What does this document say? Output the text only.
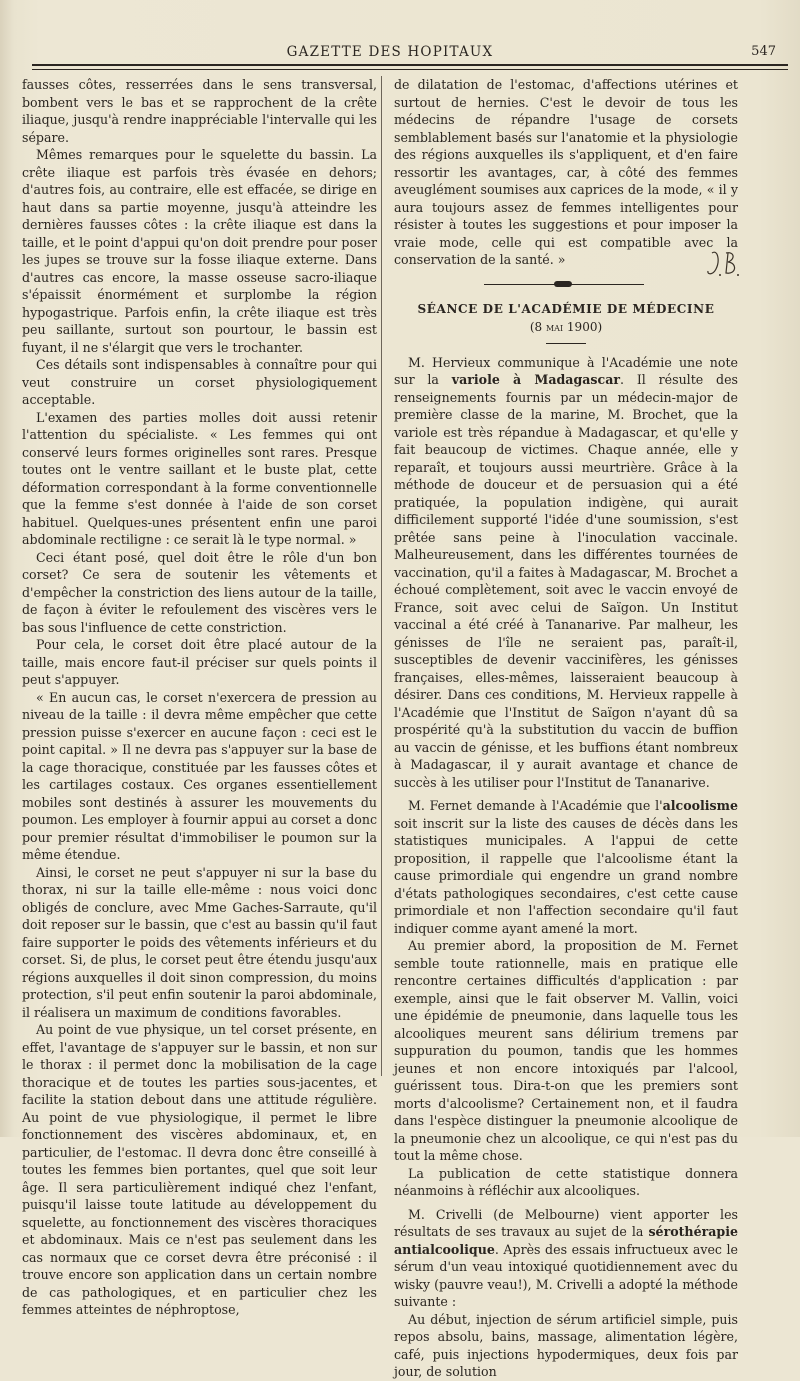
GAZETTE DES HOPITAUX	547

fausses côtes, resserrées dans le sens transversal, bombent vers le bas et se rapprochent de la crête iliaque, jusqu'à rendre inappréciable l'intervalle qui les sépare.

Mêmes remarques pour le squelette du bassin. La crête iliaque est parfois très évasée en dehors; d'autres fois, au contraire, elle est effacée, se dirige en haut dans sa partie moyenne, jusqu'à atteindre les dernières fausses côtes : la crête iliaque est dans la taille, et le point d'appui qu'on doit prendre pour poser les jupes se trouve sur la fosse iliaque externe. Dans d'autres cas encore, la masse osseuse sacro-iliaque s'épaissit énormément et surplombe la région hypogastrique. Parfois enfin, la crête iliaque est très peu saillante, surtout son pourtour, le bassin est fuyant, il ne s'élargit que vers le trochanter.

Ces détails sont indispensables à connaître pour qui veut construire un corset physiologiquement acceptable.

L'examen des parties molles doit aussi retenir l'attention du spécialiste. « Les femmes qui ont conservé leurs formes originelles sont rares. Presque toutes ont le ventre saillant et le buste plat, cette déformation correspondant à la forme conventionnelle que la femme s'est donnée à l'aide de son corset habituel. Quelques-unes présentent enfin une paroi abdominale rectiligne : ce serait là le type normal. »

Ceci étant posé, quel doit être le rôle d'un bon corset? Ce sera de soutenir les vêtements et d'empêcher la constriction des liens autour de la taille, de façon à éviter le refoulement des viscères vers le bas sous l'influence de cette constriction.

Pour cela, le corset doit être placé autour de la taille, mais encore faut-il préciser sur quels points il peut s'appuyer.

« En aucun cas, le corset n'exercera de pression au niveau de la taille : il devra même empêcher que cette pression puisse s'exercer en aucune façon : ceci est le point capital. » Il ne devra pas s'appuyer sur la base de la cage thoracique, constituée par les fausses côtes et les cartilages costaux. Ces organes essentiellement mobiles sont destinés à assurer les mouvements du poumon. Les employer à fournir appui au corset a donc pour premier résultat d'immobiliser le poumon sur la même étendue.

Ainsi, le corset ne peut s'appuyer ni sur la base du thorax, ni sur la taille elle-même : nous voici donc obligés de conclure, avec Mme Gaches-Sarraute, qu'il doit reposer sur le bassin, que c'est au bassin qu'il faut faire supporter le poids des vêtements inférieurs et du corset. Si, de plus, le corset peut être étendu jusqu'aux régions auxquelles il doit sinon compression, du moins protection, s'il peut enfin soutenir la paroi abdominale, il réalisera un maximum de conditions favorables.

Au point de vue physique, un tel corset présente, en effet, l'avantage de s'appuyer sur le bassin, et non sur le thorax : il permet donc la mobilisation de la cage thoracique et de toutes les parties sous-jacentes, et facilite la station debout dans une attitude régulière. Au point de vue physiologique, il permet le libre fonctionnement des viscères abdominaux, et, en particulier, de l'estomac. Il devra donc être conseillé à toutes les femmes bien portantes, quel que soit leur âge. Il sera particulièrement indiqué chez l'enfant, puisqu'il laisse toute latitude au développement du squelette, au fonctionnement des viscères thoraciques et abdominaux. Mais ce n'est pas seulement dans les cas normaux que ce corset devra être préconisé : il trouve encore son application dans un certain nombre de cas pathologiques, et en particulier chez les femmes atteintes de néphroptose,

de dilatation de l'estomac, d'affections utérines et surtout de hernies. C'est le devoir de tous les médecins de répandre l'usage de corsets semblablement basés sur l'anatomie et la physiologie des régions auxquelles ils s'appliquent, et d'en faire ressortir les avantages, car, à côté des femmes aveuglément soumises aux caprices de la mode, « il y aura toujours assez de femmes intelligentes pour résister à toutes les suggestions et pour imposer la vraie mode, celle qui est compatible avec la conservation de la santé. »

SÉANCE DE L'ACADÉMIE DE MÉDECINE
(8 mai 1900)

M. Hervieux communique à l'Académie une note sur la variole à Madagascar. Il résulte des renseignements fournis par un médecin-major de première classe de la marine, M. Brochet, que la variole est très répandue à Madagascar, et qu'elle y fait beaucoup de victimes. Chaque année, elle y reparaît, et toujours aussi meurtrière. Grâce à la méthode de douceur et de persuasion qui a été pratiquée, la population indigène, qui aurait difficilement supporté l'idée d'une soumission, s'est prêtée sans peine à l'inoculation vaccinale. Malheureusement, dans les différentes tournées de vaccination, qu'il a faites à Madagascar, M. Brochet a échoué complètement, soit avec le vaccin envoyé de France, soit avec celui de Saïgon. Un Institut vaccinal a été créé à Tananarive. Par malheur, les génisses de l'île ne seraient pas, paraît-il, susceptibles de devenir vaccinifères, les génisses françaises, elles-mêmes, laisseraient beaucoup à désirer. Dans ces conditions, M. Hervieux rappelle à l'Académie que l'Institut de Saïgon n'ayant dû sa prospérité qu'à la substitution du vaccin de buffion au vaccin de génisse, et les buffions étant nombreux à Madagascar, il y aurait avantage et chance de succès à les utiliser pour l'Institut de Tananarive.

M. Fernet demande à l'Académie que l'alcoolisme soit inscrit sur la liste des causes de décès dans les statistiques municipales. A l'appui de cette proposition, il rappelle que l'alcoolisme étant la cause primordiale qui engendre un grand nombre d'états pathologiques secondaires, c'est cette cause primordiale et non l'affection secondaire qu'il faut indiquer comme ayant amené la mort.

Au premier abord, la proposition de M. Fernet semble toute rationnelle, mais en pratique elle rencontre certaines difficultés d'application : par exemple, ainsi que le fait observer M. Vallin, voici une épidémie de pneumonie, dans laquelle tous les alcooliques meurent sans délirium tremens par suppuration du poumon, tandis que les hommes jeunes et non encore intoxiqués par l'alcool, guérissent tous. Dira-t-on que les premiers sont morts d'alcoolisme? Certainement non, et il faudra dans l'espèce distinguer la pneumonie alcoolique de la pneumonie chez un alcoolique, ce qui n'est pas du tout la même chose.

La publication de cette statistique donnera néanmoins à réfléchir aux alcooliques.

M. Crivelli (de Melbourne) vient apporter les résultats de ses travaux au sujet de la sérothérapie antialcoolique. Après des essais infructueux avec le sérum d'un veau intoxiqué quotidiennement avec du wisky (pauvre veau!), M. Crivelli a adopté la méthode suivante :

Au début, injection de sérum artificiel simple, puis repos absolu, bains, massage, alimentation légère, café, puis injections hypodermiques, deux fois par jour, de solution
